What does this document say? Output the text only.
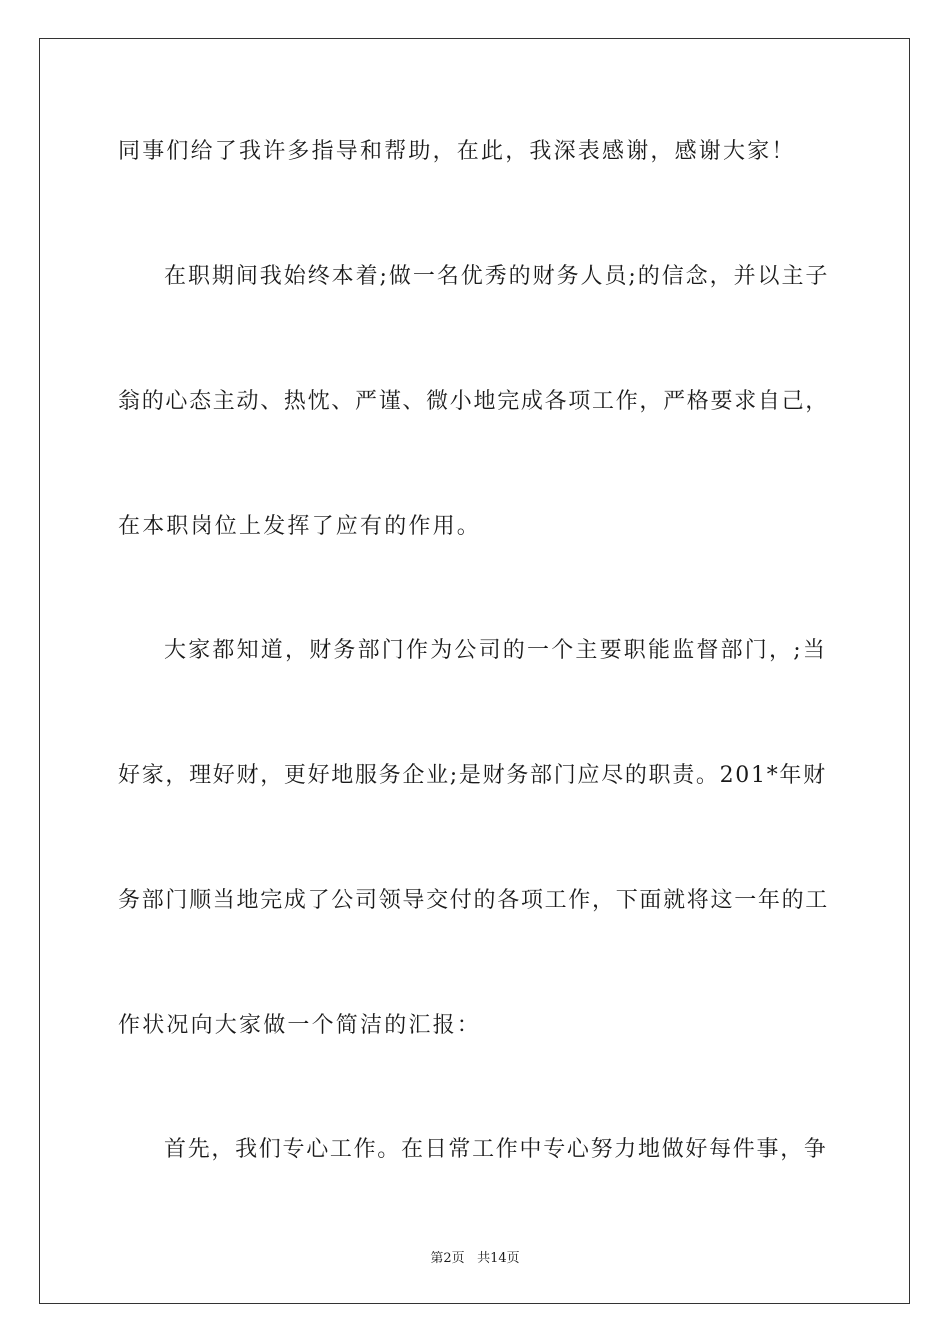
同事们给了我许多指导和帮助，在此，我深表感谢，感谢大家！
在职期间我始终本着;做一名优秀的财务人员;的信念，并以主子
翁的心态主动、热忱、严谨、微小地完成各项工作，严格要求自己，
在本职岗位上发挥了应有的作用。
大家都知道，财务部门作为公司的一个主要职能监督部门，;当
好家，理好财，更好地服务企业;是财务部门应尽的职责。201*年财
务部门顺当地完成了公司领导交付的各项工作，下面就将这一年的工
作状况向大家做一个简洁的汇报：
首先，我们专心工作。在日常工作中专心努力地做好每件事，争
第2页 共14页
